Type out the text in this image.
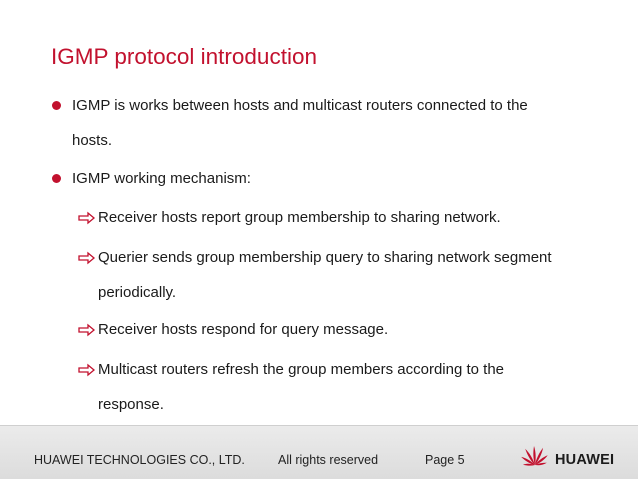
IGMP protocol introduction
IGMP is works between hosts and multicast routers connected to the
hosts.
IGMP working mechanism:
Receiver hosts report group membership to sharing network.
Querier sends group membership query to sharing network segment
periodically.
Receiver hosts respond for query message.
Multicast routers refresh the group members according to the
response.
HUAWEI TECHNOLOGIES CO., LTD.	All rights reserved	Page 5	HUAWEI
